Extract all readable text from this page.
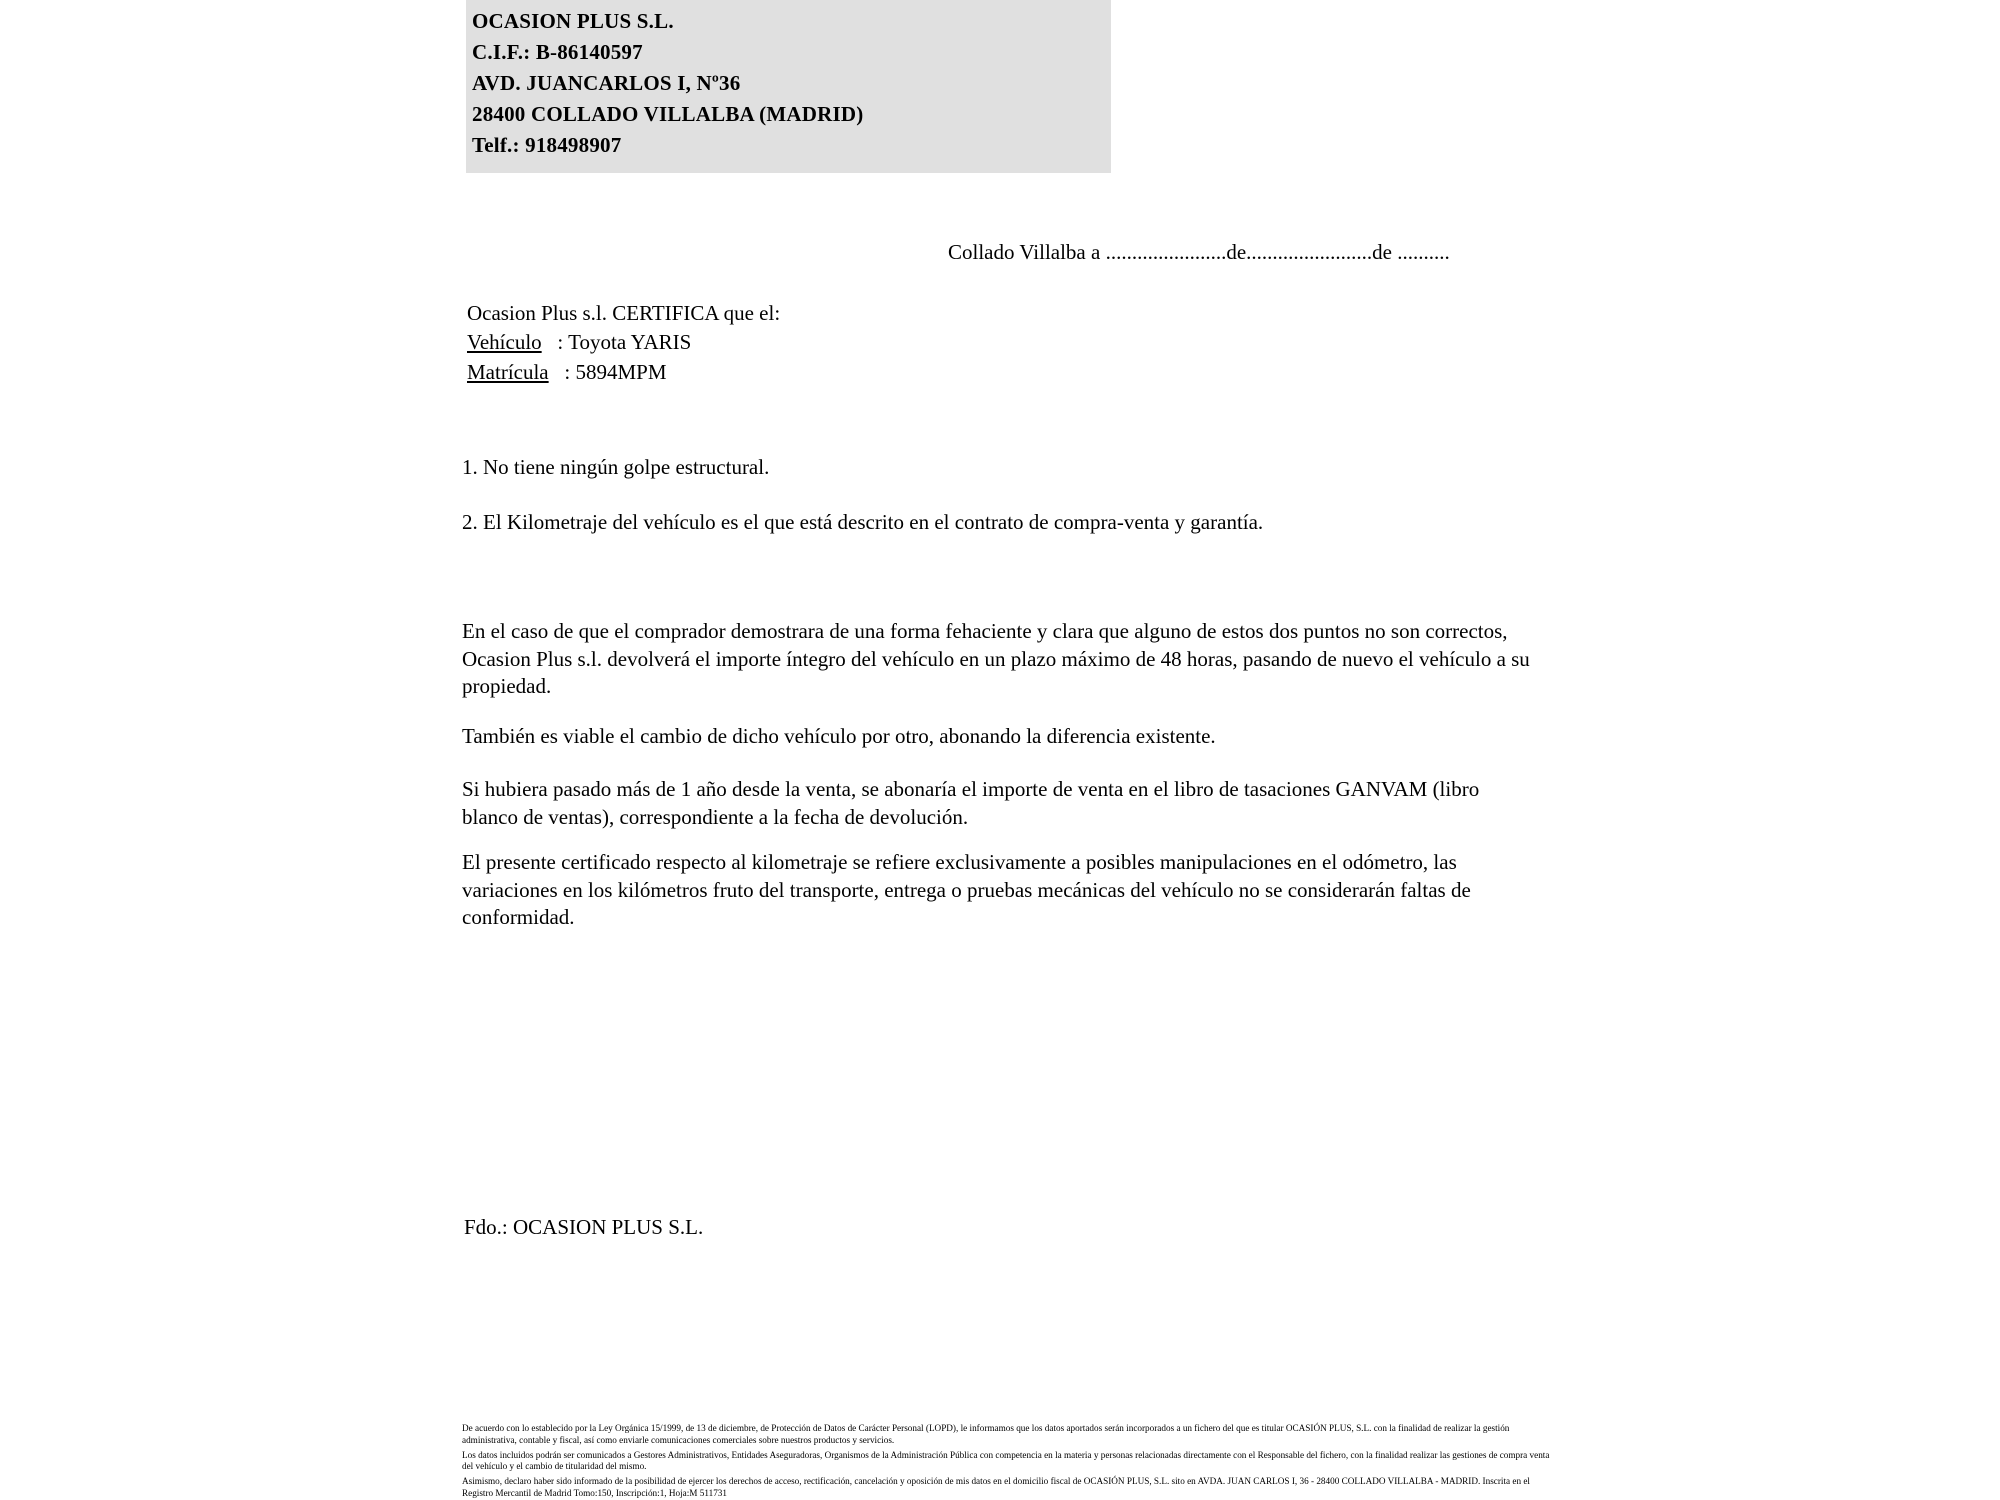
OCASION PLUS S.L.
C.I.F.: B-86140597
AVD. JUANCARLOS I, Nº36
28400 COLLADO VILLALBA (MADRID)
Telf.: 918498907
Collado Villalba a .......................de........................de ..........
Ocasion Plus s.l. CERTIFICA que el:
Vehículo   : Toyota YARIS
Matrícula   : 5894MPM
1. No tiene ningún golpe estructural.
2. El Kilometraje del vehículo es el que está descrito en el contrato de compra-venta y garantía.
En el caso de que el comprador demostrara de una forma fehaciente y clara que alguno de estos dos puntos no son correctos, Ocasion Plus s.l. devolverá el importe íntegro del vehículo en un plazo máximo de 48 horas, pasando de nuevo el vehículo a su propiedad.
También es viable el cambio de dicho vehículo por otro, abonando la diferencia existente.
Si hubiera pasado más de 1 año desde la venta, se abonaría el importe de venta en el libro de tasaciones GANVAM (libro blanco de ventas), correspondiente a la fecha de devolución.
El presente certificado respecto al kilometraje se refiere exclusivamente a posibles manipulaciones en el odómetro, las variaciones en los kilómetros fruto del transporte, entrega o pruebas mecánicas del vehículo no se considerarán faltas de conformidad.
Fdo.: OCASION PLUS S.L.

De acuerdo con lo establecido por la Ley Orgánica 15/1999, de 13 de diciembre, de Protección de Datos de Carácter Personal (LOPD), le informamos que los datos aportados serán incorporados a un fichero del que es titular OCASIÓN PLUS, S.L. con la finalidad de realizar la gestión administrativa, contable y fiscal, así como enviarle comunicaciones comerciales sobre nuestros productos y servicios.

Los datos incluidos podrán ser comunicados a Gestores Administrativos, Entidades Aseguradoras, Organismos de la Administración Pública con competencia en la materia y personas relacionadas directamente con el Responsable del fichero, con la finalidad realizar las gestiones de compra venta del vehículo y el cambio de titularidad del mismo.

Asimismo, declaro haber sido informado de la posibilidad de ejercer los derechos de acceso, rectificación, cancelación y oposición de mis datos en el domicilio fiscal de OCASIÓN PLUS, S.L. sito en AVDA. JUAN CARLOS I, 36 - 28400 COLLADO VILLALBA - MADRID. Inscrita en el Registro Mercantil de Madrid Tomo:150, Inscripción:1, Hoja:M 511731
